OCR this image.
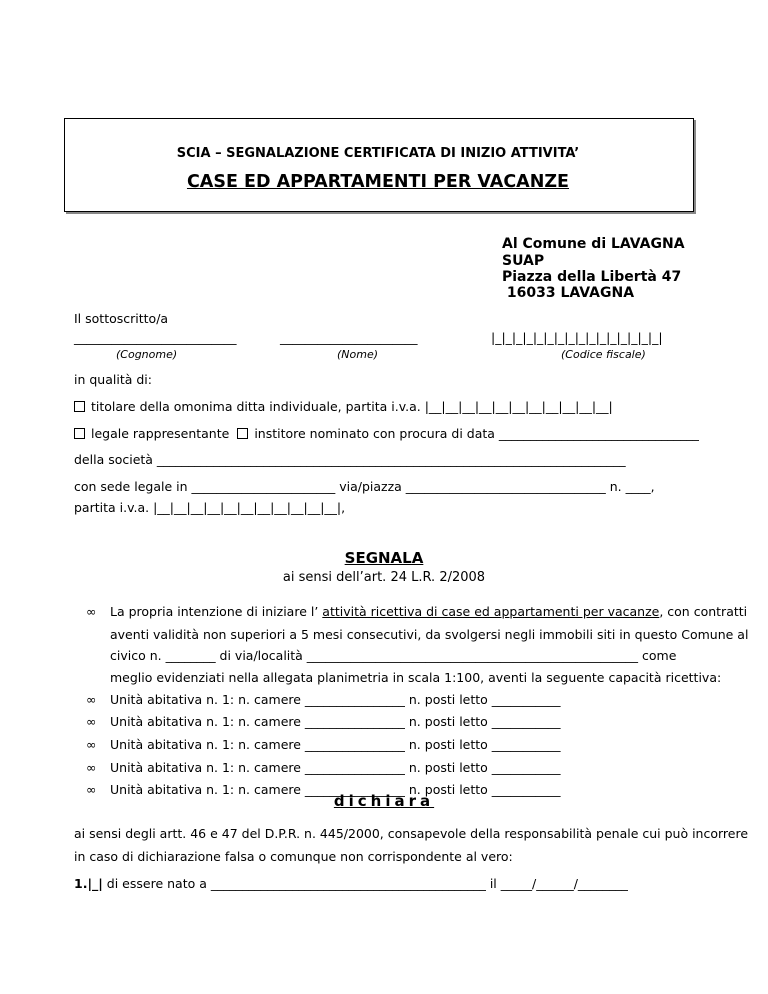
SCIA – SEGNALAZIONE CERTIFICATA DI INIZIO ATTIVITA’
CASE ED APPARTAMENTI PER VACANZE
Al Comune di LAVAGNA
SUAP
Piazza della Libertà 47
16033 LAVAGNA
Il sottoscritto/a
__________________________	______________________	|_|_|_|_|_|_|_|_|_|_|_|_|_|_|_|_|
(Cognome)	(Nome)	(Codice fiscale)
in qualità di:
titolare della omonima ditta individuale, partita i.v.a. |__|__|__|__|__|__|__|__|__|__|__|
legale rappresentante institore nominato con procura di data ________________________________
della società ___________________________________________________________________________
con sede legale in _______________________ via/piazza ________________________________ n. ____,
partita i.v.a. |__|__|__|__|__|__|__|__|__|__|__|,
SEGNALA
ai sensi dell’art. 24 L.R. 2/2008
∞ La propria intenzione di iniziare l’ attività ricettiva di case ed appartamenti per vacanze, con contratti
aventi validità non superiori a 5 mesi consecutivi, da svolgersi negli immobili siti in questo Comune al
civico n. ________ di via/località _____________________________________________________ come
meglio evidenziati nella allegata planimetria in scala 1:100, aventi la seguente capacità ricettiva:
∞ Unità abitativa n. 1: n. camere ________________ n. posti letto ___________
∞ Unità abitativa n. 1: n. camere ________________ n. posti letto ___________
∞ Unità abitativa n. 1: n. camere ________________ n. posti letto ___________
∞ Unità abitativa n. 1: n. camere ________________ n. posti letto ___________
dichiara
ai sensi degli artt. 46 e 47 del D.P.R. n. 445/2000, consapevole della responsabilità penale cui può incorrere
in caso di dichiarazione falsa o comunque non corrispondente al vero:
1.|_| di essere nato a ____________________________________________ il _____/______/________
∞ Unità abitativa n. 1: n. camere ________________ n. posti letto ___________
